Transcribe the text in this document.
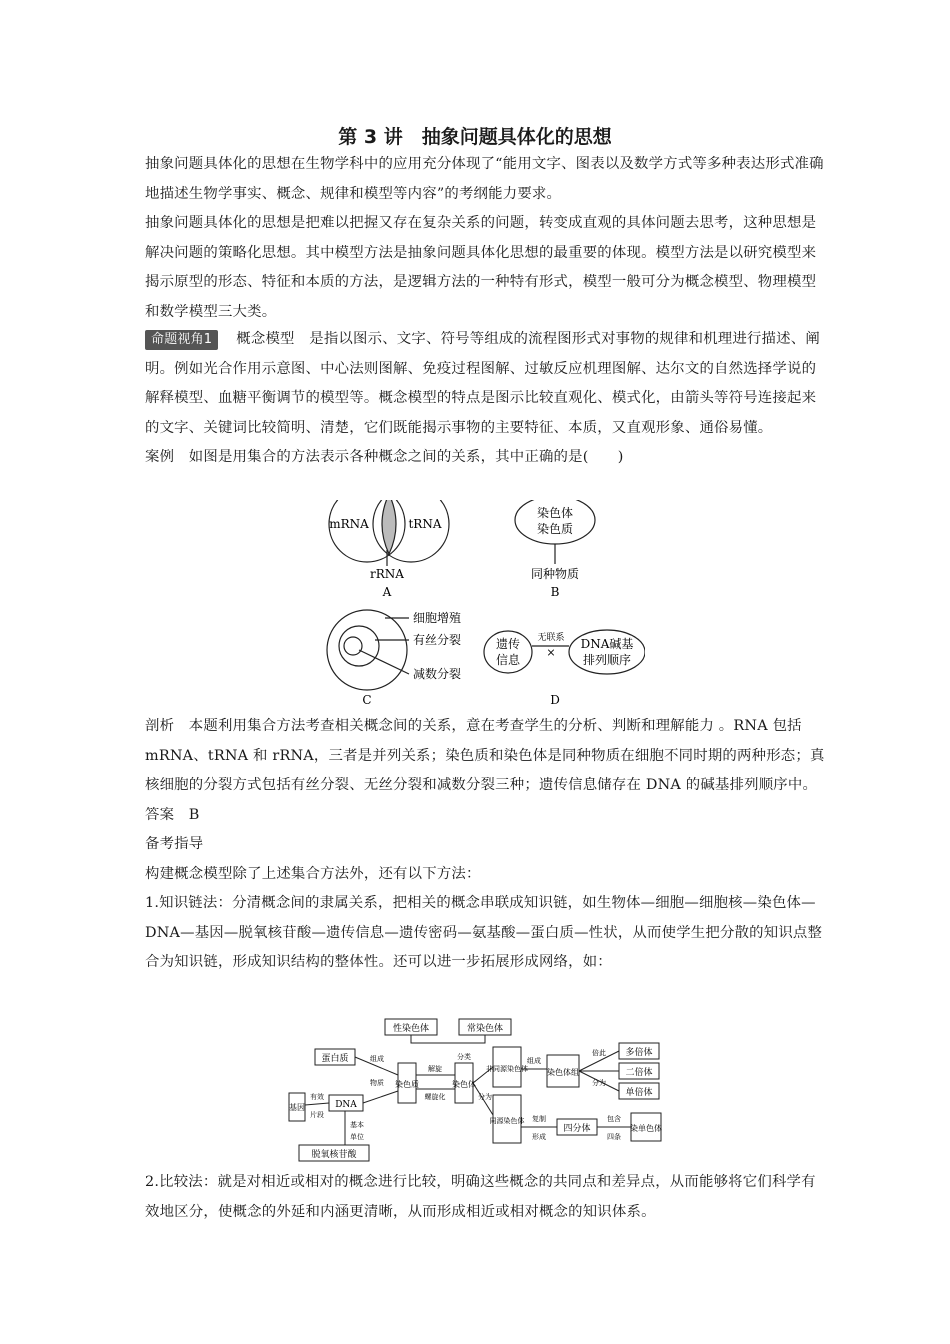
第 3 讲　抽象问题具体化的思想

抽象问题具体化的思想在生物学科中的应用充分体现了“能用文字、图表以及数学方式等多种表达形式准确地描述生物学事实、概念、规律和模型等内容”的考纲能力要求。

抽象问题具体化的思想是把难以把握又存在复杂关系的问题，转变成直观的具体问题去思考，这种思想是解决问题的策略化思想。其中模型方法是抽象问题具体化思想的最重要的体现。模型方法是以研究模型来揭示原型的形态、特征和本质的方法，是逻辑方法的一种特有形式，模型一般可分为概念模型、物理模型和数学模型三大类。

命题视角1 概念模型　 是指以图示、文字、符号等组成的流程图形式对事物的规律和机理进行描述、阐明。例如光合作用示意图、中心法则图解、免疫过程图解、过敏反应机理图解、达尔文的自然选择学说的解释模型、血糖平衡调节的模型等。概念模型的特点是图示比较直观化、模式化，由箭头等符号连接起来的文字、关键词比较简明、清楚，它们既能揭示事物的主要特征、本质，又直观形象、通俗易懂。

案例　如图是用集合的方法表示各种概念之间的关系，其中正确的是(　　)

mRNA	tRNA
rRNA
A
染色体
染色质
同种物质
B
细胞增殖
有丝分裂
减数分裂
C
遗传
信息
无联系
×
DNA碱基
排列顺序
D

剖析　本题利用集合方法考查相关概念间的关系，意在考查学生的分析、判断和理解能力 。RNA 包括 mRNA、tRNA 和 rRNA，三者是并列关系；染色质和染色体是同种物质在细胞不同时期的两种形态；真核细胞的分裂方式包括有丝分裂、无丝分裂和减数分裂三种；遗传信息储存在 DNA 的碱基排列顺序中。

答案　B

备考指导

构建概念模型除了上述集合方法外，还有以下方法：

1.知识链法：分清概念间的隶属关系，把相关的概念串联成知识链，如生物体—细胞—细胞核—染色体—DNA—基因—脱氧核苷酸—遗传信息—遗传密码—氨基酸—蛋白质—性状，从而使学生把分散的知识点整合为知识链，形成知识结构的整体性。还可以进一步拓展形成网络，如：

性染色体	常染色体
蛋白质	组成
物质 染色质
解旋
螺旋化
分类
染色体
非同源染色体
同源染色体
组成
染色体组
倍此
分为
多倍体
二倍体
单倍体
基因
有效
片段
DNA
基本
单位
脱氧核苷酸
复制
形成
四分体
包含
四条
染单色体
分为

2.比较法：就是对相近或相对的概念进行比较，明确这些概念的共同点和差异点，从而能够将它们科学有效地区分，使概念的外延和内涵更清晰，从而形成相近或相对概念的知识体系。
